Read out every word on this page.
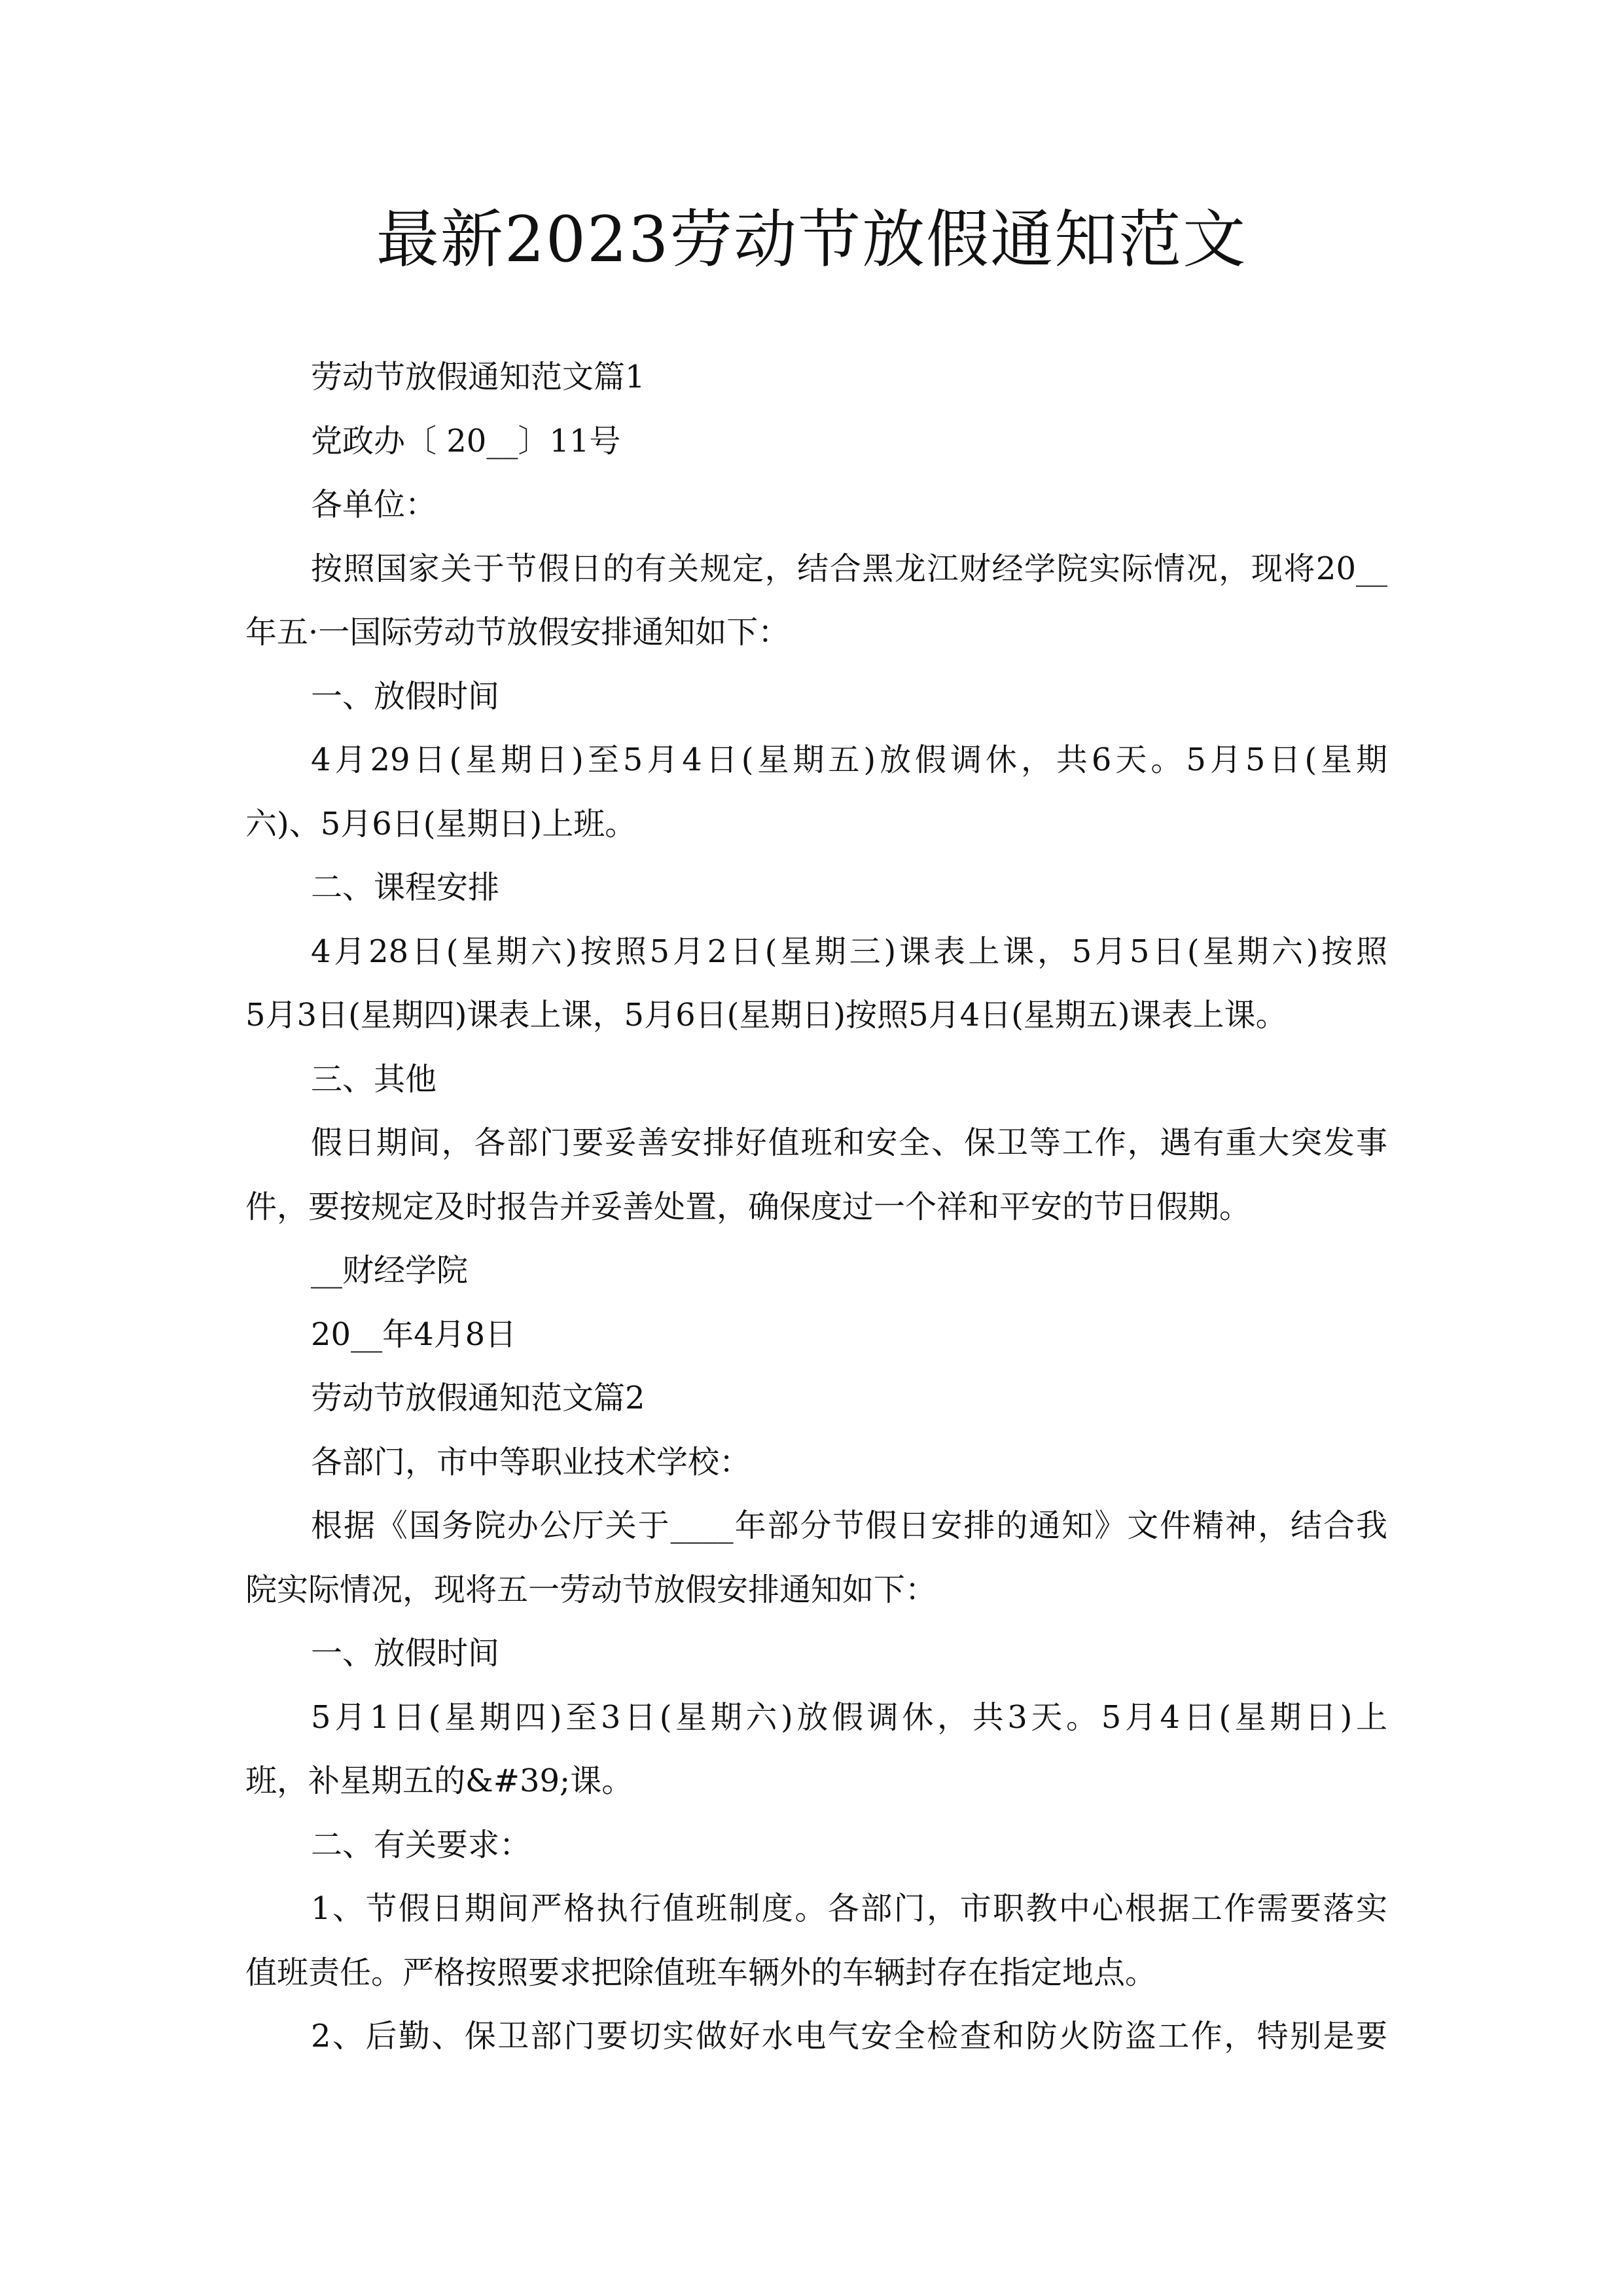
最新2023劳动节放假通知范文

劳动节放假通知范文篇1

党政办〔 20__〕11号

各单位：

按照国家关于节假日的有关规定，结合黑龙江财经学院实际情况，现将20__

年五·一国际劳动节放假安排通知如下：

一、放假时间

4月29日(星期日)至5月4日(星期五)放假调休，共6天。5月5日(星期

六)、5月6日(星期日)上班。

二、课程安排

4月28日(星期六)按照5月2日(星期三)课表上课，5月5日(星期六)按照

5月3日(星期四)课表上课，5月6日(星期日)按照5月4日(星期五)课表上课。

三、其他

假日期间，各部门要妥善安排好值班和安全、保卫等工作，遇有重大突发事

件，要按规定及时报告并妥善处置，确保度过一个祥和平安的节日假期。

__财经学院

20__年4月8日

劳动节放假通知范文篇2

各部门，市中等职业技术学校：

根据《国务院办公厅关于____年部分节假日安排的通知》文件精神，结合我

院实际情况，现将五一劳动节放假安排通知如下：

一、放假时间

5月1日(星期四)至3日(星期六)放假调休，共3天。5月4日(星期日)上

班，补星期五的&#39;课。

二、有关要求：

1、节假日期间严格执行值班制度。各部门，市职教中心根据工作需要落实

值班责任。严格按照要求把除值班车辆外的车辆封存在指定地点。

2、后勤、保卫部门要切实做好水电气安全检查和防火防盗工作，特别是要
